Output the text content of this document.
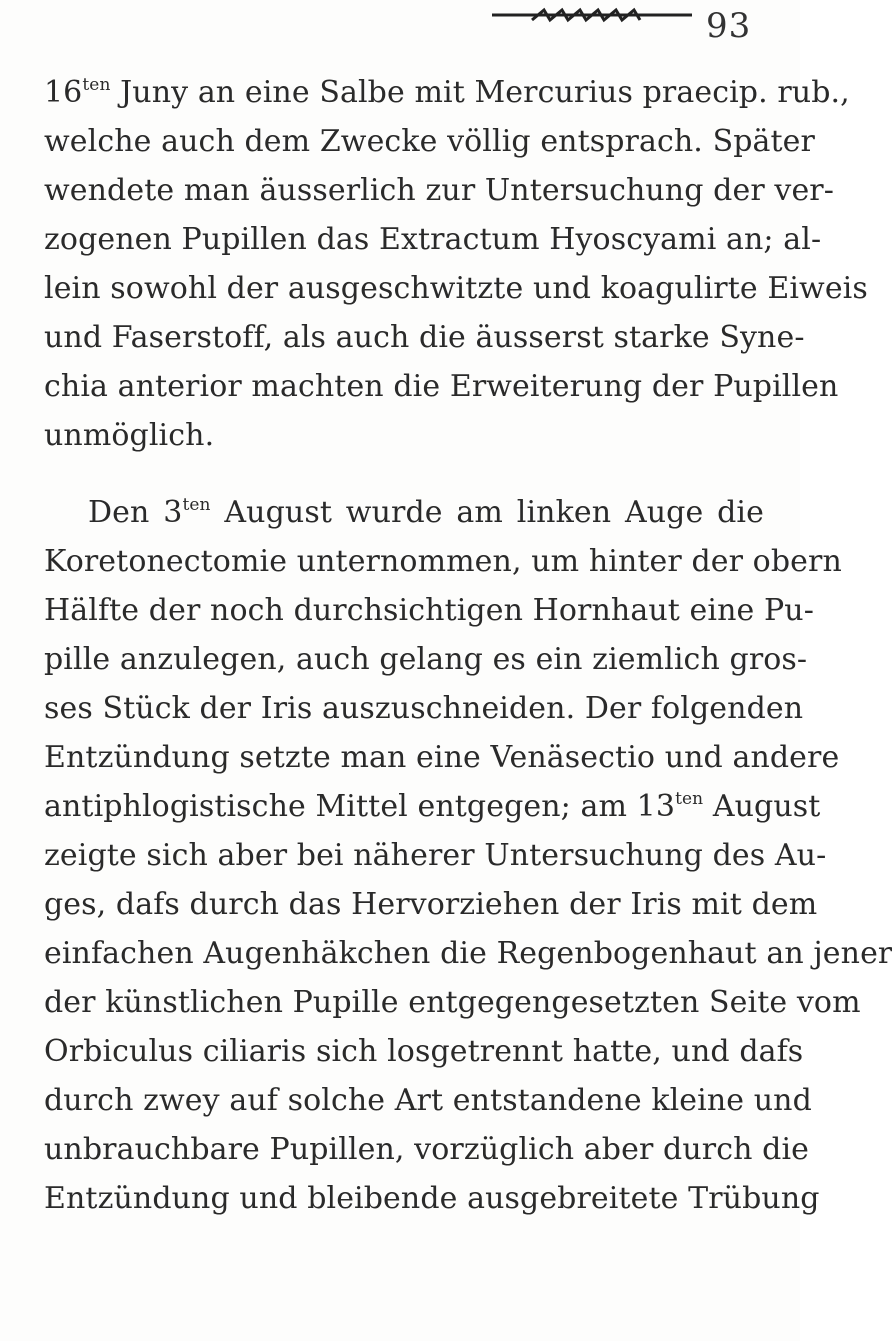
93
$16^{ten}$ Juny an eine Salbe mit Mercurius praecip. rub.,
welche auch dem Zwecke völlig entsprach. Später
wendete man äusserlich zur Untersuchung der ver-
zogenen Pupillen das Extractum Hyoscyami an; al-
lein sowohl der ausgeschwitzte und koagulirte Eiweis
und Faserstoff, als auch die äusserst starke Syne-
chia anterior machten die Erweiterung der Pupillen
unmöglich.
Den $3^{ten}$ August wurde am linken Auge die
Koretonectomie unternommen, um hinter der obern
Hälfte der noch durchsichtigen Hornhaut eine Pu-
pille anzulegen, auch gelang es ein ziemlich gros-
ses Stück der Iris auszuschneiden. Der folgenden
Entzündung setzte man eine Venäsectio und andere
antiphlogistische Mittel entgegen; am $13^{ten}$ August
zeigte sich aber bei näherer Untersuchung des Au-
ges, dafs durch das Hervorziehen der Iris mit dem
einfachen Augenhäkchen die Regenbogenhaut an jener
der künstlichen Pupille entgegengesetzten Seite vom
Orbiculus ciliaris sich losgetrennt hatte, und dafs
durch zwey auf solche Art entstandene kleine und
unbrauchbare Pupillen, vorzüglich aber durch die
Entzündung und bleibende ausgebreitete Trübung
